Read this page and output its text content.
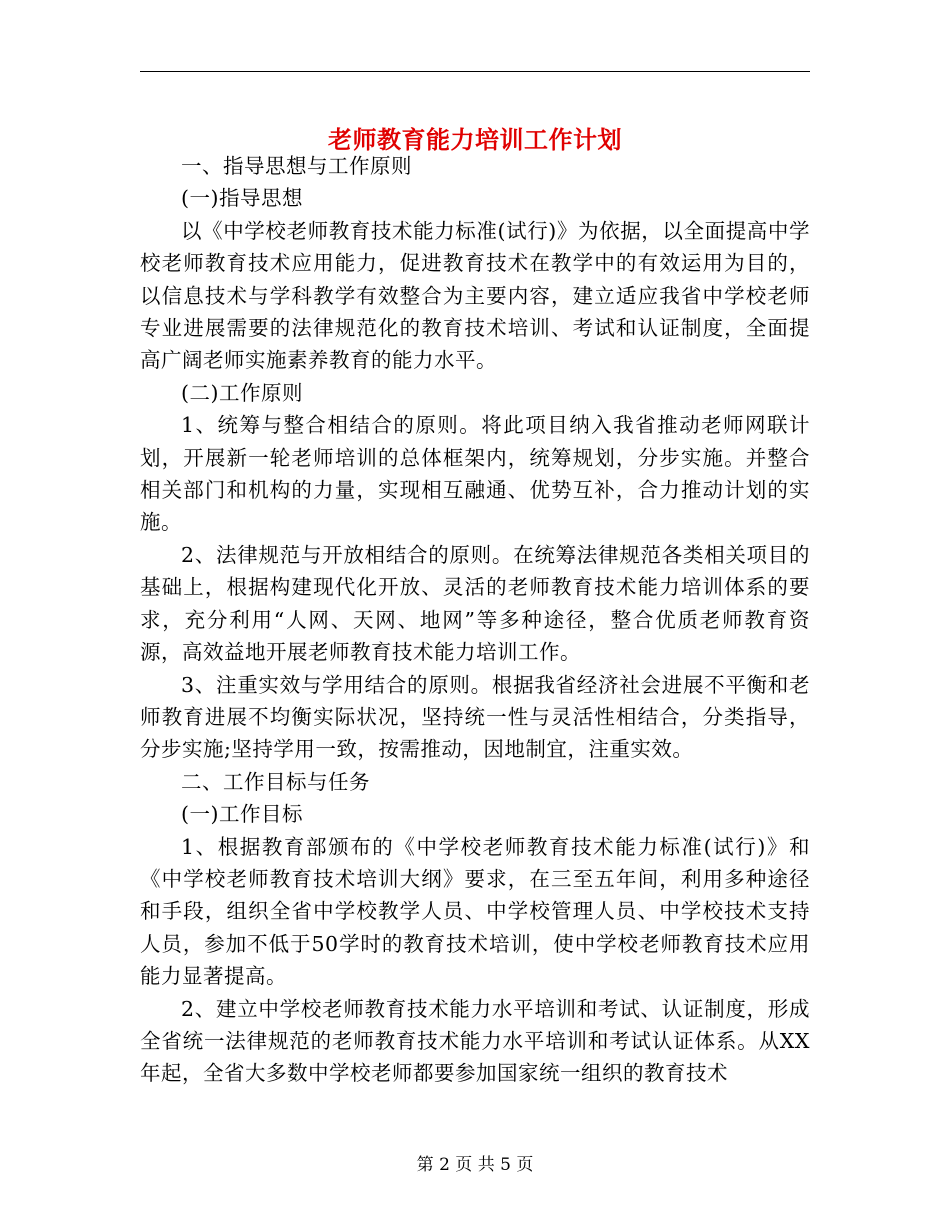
老师教育能力培训工作计划

一、指导思想与工作原则

(一)指导思想

以《中学校老师教育技术能力标准(试行)》为依据，以全面提高中学校老师教育技术应用能力，促进教育技术在教学中的有效运用为目的，以信息技术与学科教学有效整合为主要内容，建立适应我省中学校老师专业进展需要的法律规范化的教育技术培训、考试和认证制度，全面提高广阔老师实施素养教育的能力水平。

(二)工作原则

1、统筹与整合相结合的原则。将此项目纳入我省推动老师网联计划，开展新一轮老师培训的总体框架内，统筹规划，分步实施。并整合相关部门和机构的力量，实现相互融通、优势互补，合力推动计划的实施。

2、法律规范与开放相结合的原则。在统筹法律规范各类相关项目的基础上，根据构建现代化开放、灵活的老师教育技术能力培训体系的要求，充分利用“人网、天网、地网”等多种途径，整合优质老师教育资源，高效益地开展老师教育技术能力培训工作。

3、注重实效与学用结合的原则。根据我省经济社会进展不平衡和老师教育进展不均衡实际状况，坚持统一性与灵活性相结合，分类指导，分步实施;坚持学用一致，按需推动，因地制宜，注重实效。

二、工作目标与任务

(一)工作目标

1、根据教育部颁布的《中学校老师教育技术能力标准(试行)》和《中学校老师教育技术培训大纲》要求，在三至五年间，利用多种途径和手段，组织全省中学校教学人员、中学校管理人员、中学校技术支持人员，参加不低于50学时的教育技术培训，使中学校老师教育技术应用能力显著提高。

2、建立中学校老师教育技术能力水平培训和考试、认证制度，形成全省统一法律规范的老师教育技术能力水平培训和考试认证体系。从XX年起，全省大多数中学校老师都要参加国家统一组织的教育技术

第 2 页 共 5 页
